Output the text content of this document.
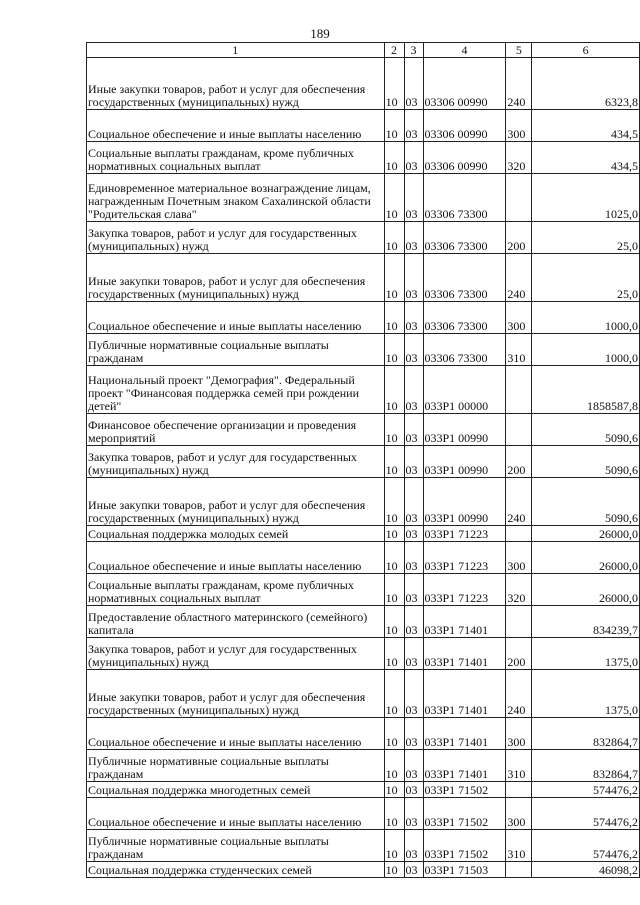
189
1	2	3	4	5	6
Иные закупки товаров, работ и услуг для обеспечения государственных (муниципальных) нужд	10	03	03306 00990	240	6323,8
Социальное обеспечение и иные выплаты населению	10	03	03306 00990	300	434,5
Социальные выплаты гражданам, кроме публичных нормативных социальных выплат	10	03	03306 00990	320	434,5
Единовременное материальное вознаграждение лицам, награжденным Почетным знаком Сахалинской области "Родительская слава"	10	03	03306 73300		1025,0
Закупка товаров, работ и услуг для государственных (муниципальных) нужд	10	03	03306 73300	200	25,0
Иные закупки товаров, работ и услуг для обеспечения государственных (муниципальных) нужд	10	03	03306 73300	240	25,0
Социальное обеспечение и иные выплаты населению	10	03	03306 73300	300	1000,0
Публичные нормативные социальные выплаты гражданам	10	03	03306 73300	310	1000,0
Национальный проект "Демография". Федеральный проект "Финансовая поддержка семей при рождении детей"	10	03	033P1 00000		1858587,8
Финансовое обеспечение организации и проведения мероприятий	10	03	033P1 00990		5090,6
Закупка товаров, работ и услуг для государственных (муниципальных) нужд	10	03	033P1 00990	200	5090,6
Иные закупки товаров, работ и услуг для обеспечения государственных (муниципальных) нужд	10	03	033P1 00990	240	5090,6
Социальная поддержка молодых семей	10	03	033P1 71223		26000,0
Социальное обеспечение и иные выплаты населению	10	03	033P1 71223	300	26000,0
Социальные выплаты гражданам, кроме публичных нормативных социальных выплат	10	03	033P1 71223	320	26000,0
Предоставление областного материнского (семейного) капитала	10	03	033P1 71401		834239,7
Закупка товаров, работ и услуг для государственных (муниципальных) нужд	10	03	033P1 71401	200	1375,0
Иные закупки товаров, работ и услуг для обеспечения государственных (муниципальных) нужд	10	03	033P1 71401	240	1375,0
Социальное обеспечение и иные выплаты населению	10	03	033P1 71401	300	832864,7
Публичные нормативные социальные выплаты гражданам	10	03	033P1 71401	310	832864,7
Социальная поддержка многодетных семей	10	03	033P1 71502		574476,2
Социальное обеспечение и иные выплаты населению	10	03	033P1 71502	300	574476,2
Публичные нормативные социальные выплаты гражданам	10	03	033P1 71502	310	574476,2
Социальная поддержка студенческих семей	10	03	033P1 71503		46098,2
